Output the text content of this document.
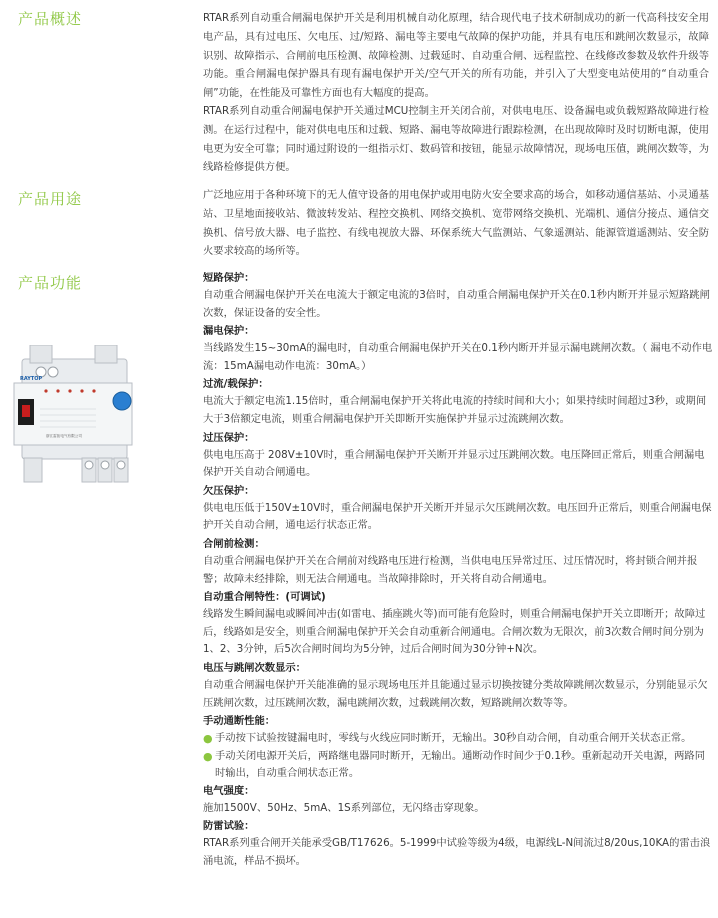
产品概述
产品用途
产品功能

RTAR系列自动重合闸漏电保护开关是利用机械自动化原理，结合现代电子技术研制成功的新一代高科技安全用电产品，具有过电压、欠电压、过/短路、漏电等主要电气故障的保护功能，并具有电压和跳闸次数显示，故障识别、故障指示、合闸前电压检测、故障检测、过载延时、自动重合闸、远程监控、在线修改参数及软件升级等功能。重合闸漏电保护器具有现有漏电保护开关/空气开关的所有功能，并引入了大型变电站使用的“自动重合闸”功能，在性能及可靠性方面也有大幅度的提高。

RTAR系列自动重合闸漏电保护开关通过MCU控制主开关闭合前，对供电电压、设备漏电或负载短路故障进行检测。在运行过程中，能对供电电压和过载、短路、漏电等故障进行跟踪检测，在出现故障时及时切断电源，使用电更为安全可靠；同时通过附设的一组指示灯、数码管和按钮，能显示故障情况，现场电压值，跳闸次数等，为线路检修提供方便。

广泛地应用于各种环境下的无人值守设备的用电保护或用电防火安全要求高的场合，如移动通信基站、小灵通基站、卫星地面接收站、微波转发站、程控交换机、网络交换机、宽带网络交换机、光端机、通信分接点、通信交换机、信号放大器、电子监控、有线电视放大器、环保系统大气监测站、气象遥测站、能源管道遥测站、安全防火要求较高的场所等。

RAYTOP
浙江雷拓电气有限公司
短路保护：

自动重合闸漏电保护开关在电流大于额定电流的3倍时，自动重合闸漏电保护开关在0.1秒内断开并显示短路跳闸次数，保证设备的安全性。

漏电保护：

当线路发生15~30mA的漏电时，自动重合闸漏电保护开关在0.1秒内断开并显示漏电跳闸次数。（ 漏电不动作电流：15mA漏电动作电流：30mA。）

过流/载保护：

电流大于额定电流1.15倍时，重合闸漏电保护开关将此电流的持续时间和大小；如果持续时间超过3秒，或期间大于3倍额定电流，则重合闸漏电保护开关即断开实施保护并显示过流跳闸次数。

过压保护：

供电电压高于 208V±10V时，重合闸漏电保护开关断开并显示过压跳闸次数。电压降回正常后，则重合闸漏电保护开关自动合闸通电。

欠压保护：

供电电压低于150V±10V时，重合闸漏电保护开关断开并显示欠压跳闸次数。电压回升正常后，则重合闸漏电保护开关自动合闸，通电运行状态正常。

合闸前检测：

自动重合闸漏电保护开关在合闸前对线路电压进行检测，当供电电压异常过压、过压情况时，将封锁合闸并报警；故障未经排除，则无法合闸通电。当故障排除时，开关将自动合闸通电。

自动重合闸特性：(可调试)

线路发生瞬间漏电或瞬间冲击(如雷电、插座跳火等)而可能有危险时，则重合闸漏电保护开关立即断开；故障过后，线路如是安全，则重合闸漏电保护开关会自动重新合闸通电。合闸次数为无限次，前3次数合闸时间分别为1、2、3分钟，后5次合闸时间均为5分钟，过后合闸时间为30分钟+N次。

电压与跳闸次数显示：

自动重合闸漏电保护开关能准确的显示现场电压并且能通过显示切换按键分类故障跳闸次数显示，分别能显示欠压跳闸次数，过压跳闸次数，漏电跳闸次数，过载跳闸次数，短路跳闸次数等等。

手动通断性能：
● 手动按下试验按键漏电时，零线与火线应同时断开，无输出。30秒自动合闸，自动重合闸开关状态正常。
● 手动关闭电源开关后，两路继电器同时断开，无输出。通断动作时间少于0.1秒。重新起动开关电源，两路同时输出，自动重合闸状态正常。
电气强度：

施加1500V、50Hz、5mA、1S系列部位，无闪络击穿现象。

防雷试验：

RTAR系列重合闸开关能承受GB/T17626。5-1999中试验等级为4级，电源线L-N间流过8/20us,10KA的雷击浪涌电流，样品不损坏。
